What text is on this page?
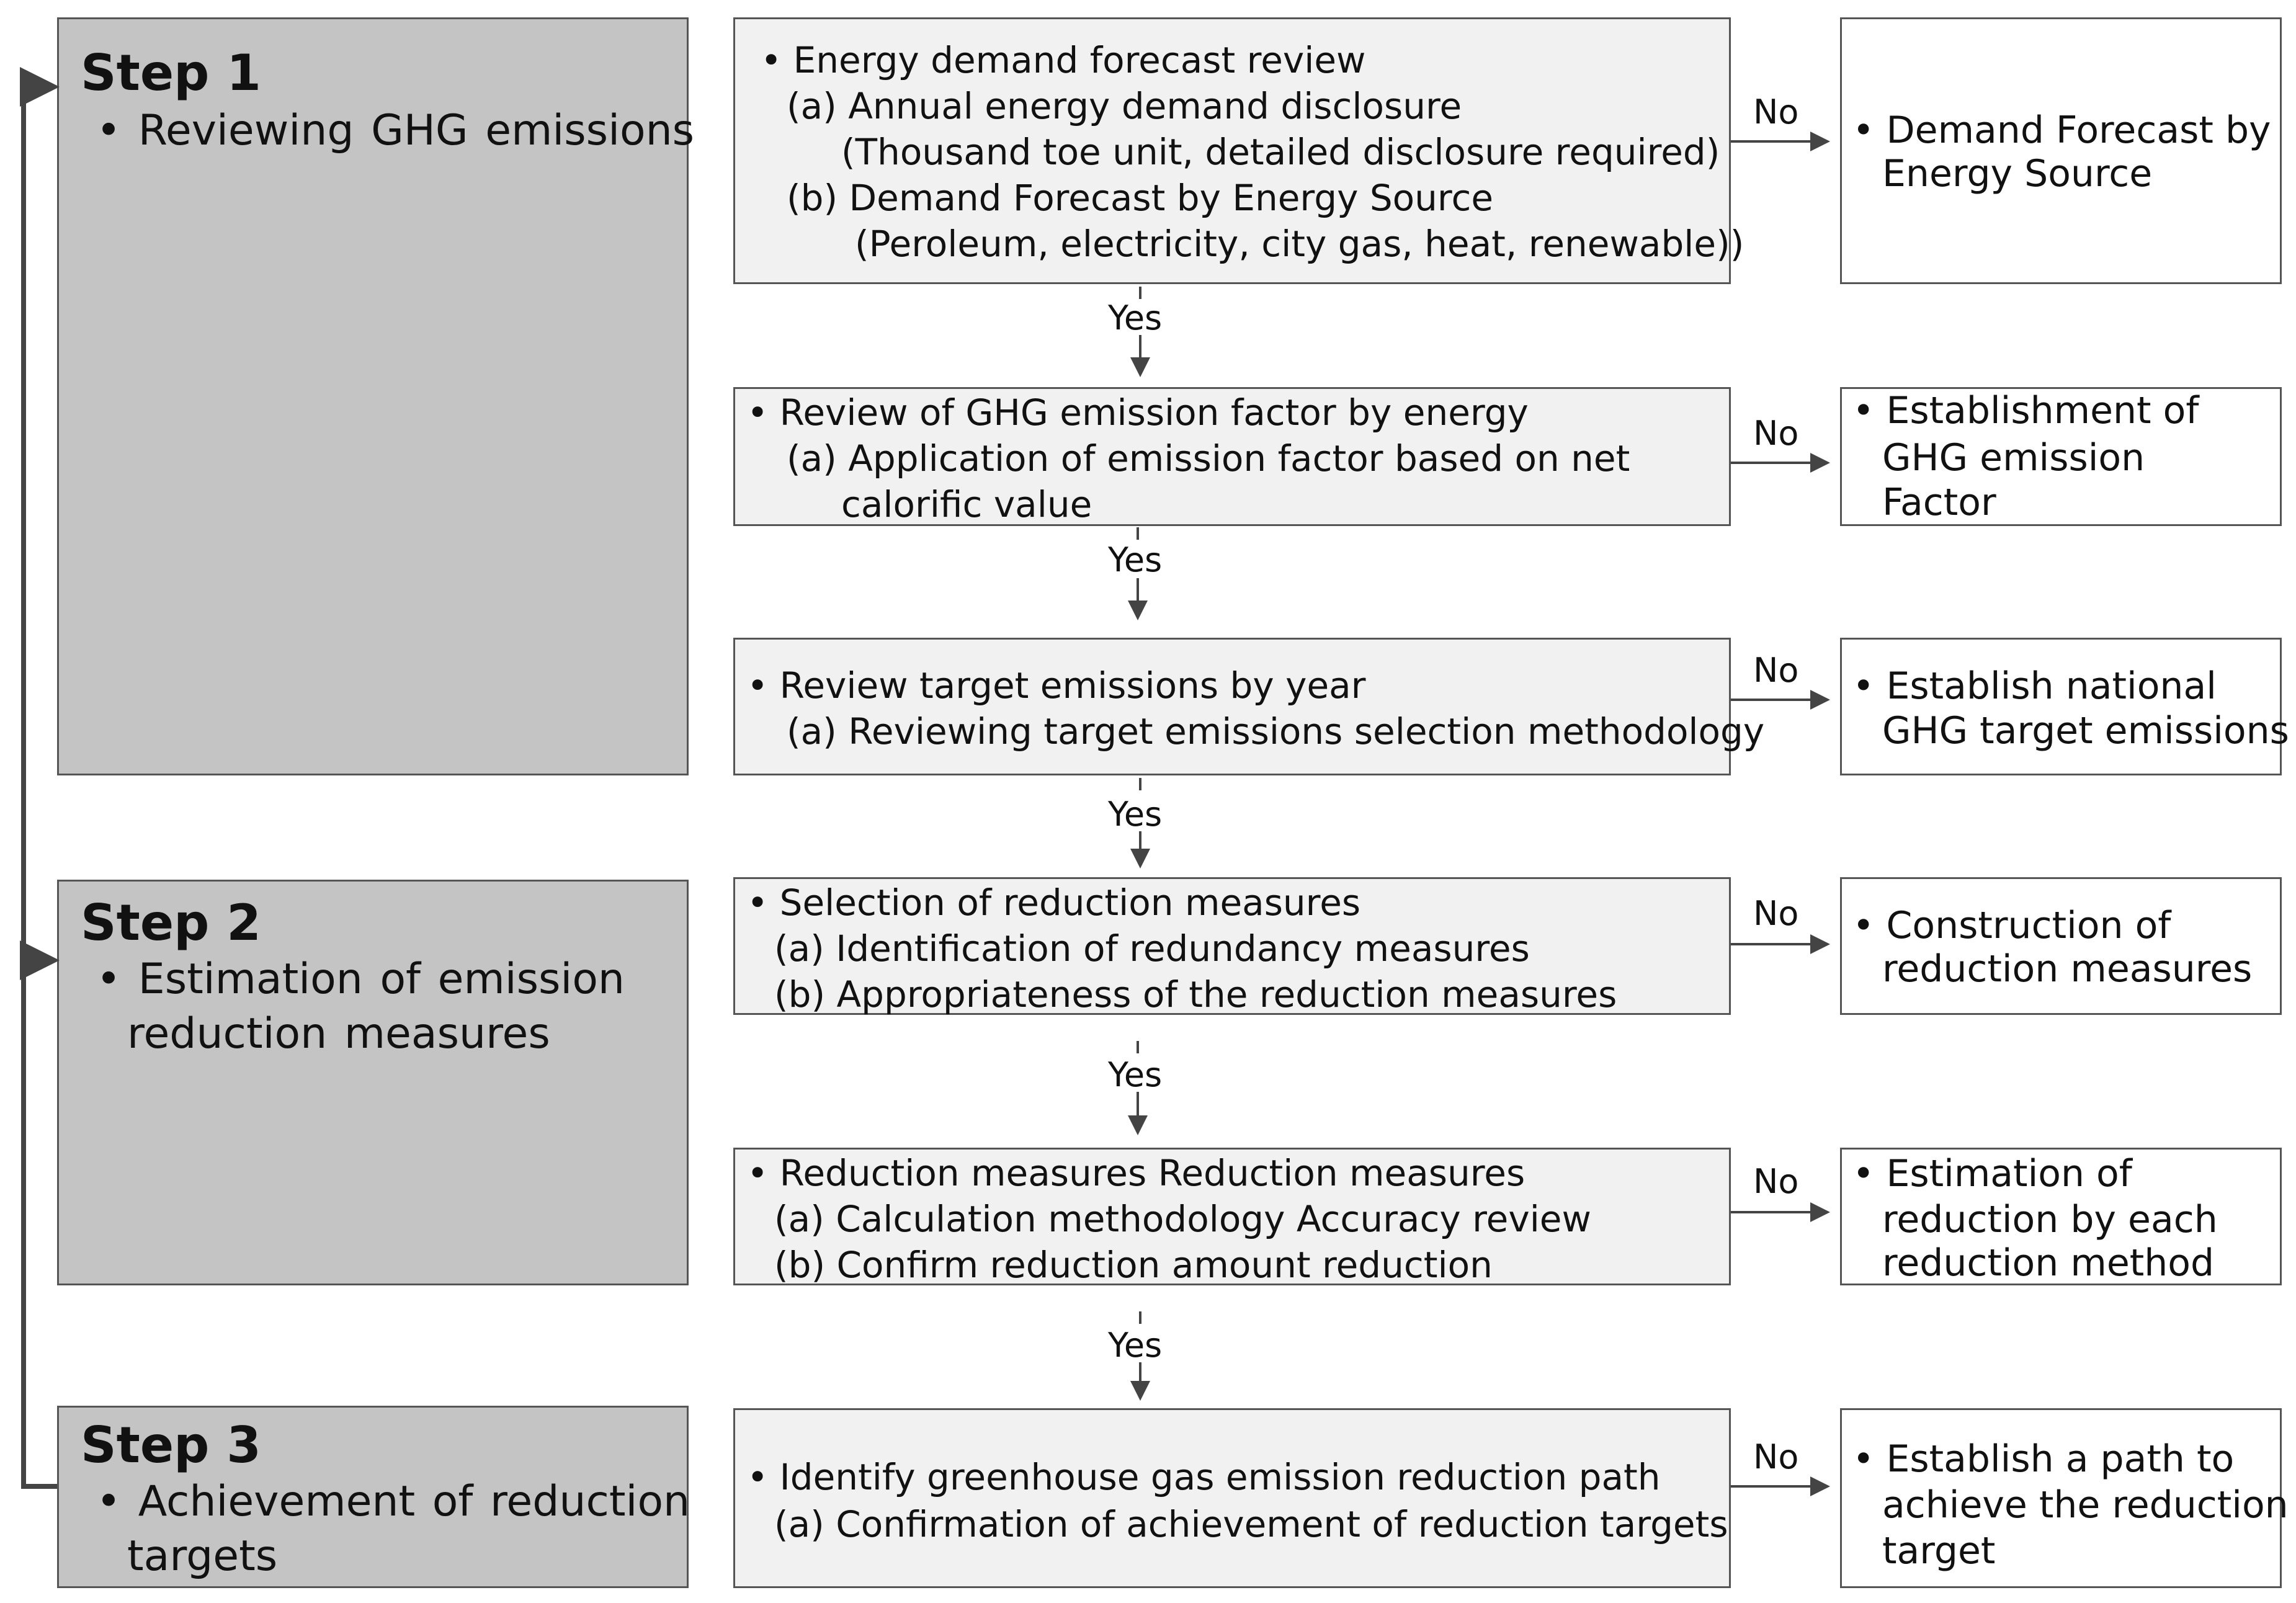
Step 1
• Reviewing GHG emissions
Step 2
• Estimation of emission
reduction measures
Step 3
• Achievement of reduction
targets
• Energy demand forecast review
(a) Annual energy demand disclosure
(Thousand toe unit, detailed disclosure required)
(b) Demand Forecast by Energy Source
(Peroleum, electricity, city gas, heat, renewable))
• Review of GHG emission factor by energy
(a) Application of emission factor based on net
calorific value
• Review target emissions by year
(a) Reviewing target emissions selection methodology
• Selection of reduction measures
(a) Identification of redundancy measures
(b) Appropriateness of the reduction measures
• Reduction measures Reduction measures
(a) Calculation methodology Accuracy review
(b) Confirm reduction amount reduction
• Identify greenhouse gas emission reduction path
(a) Confirmation of achievement of reduction targets
• Demand Forecast by
Energy Source
• Establishment of
GHG emission
Factor
• Establish national
GHG target emissions
• Construction of
reduction measures
• Estimation of
reduction by each
reduction method
• Establish a path to
achieve the reduction
target
Yes
Yes
Yes
Yes
Yes
No
No
No
No
No
No
